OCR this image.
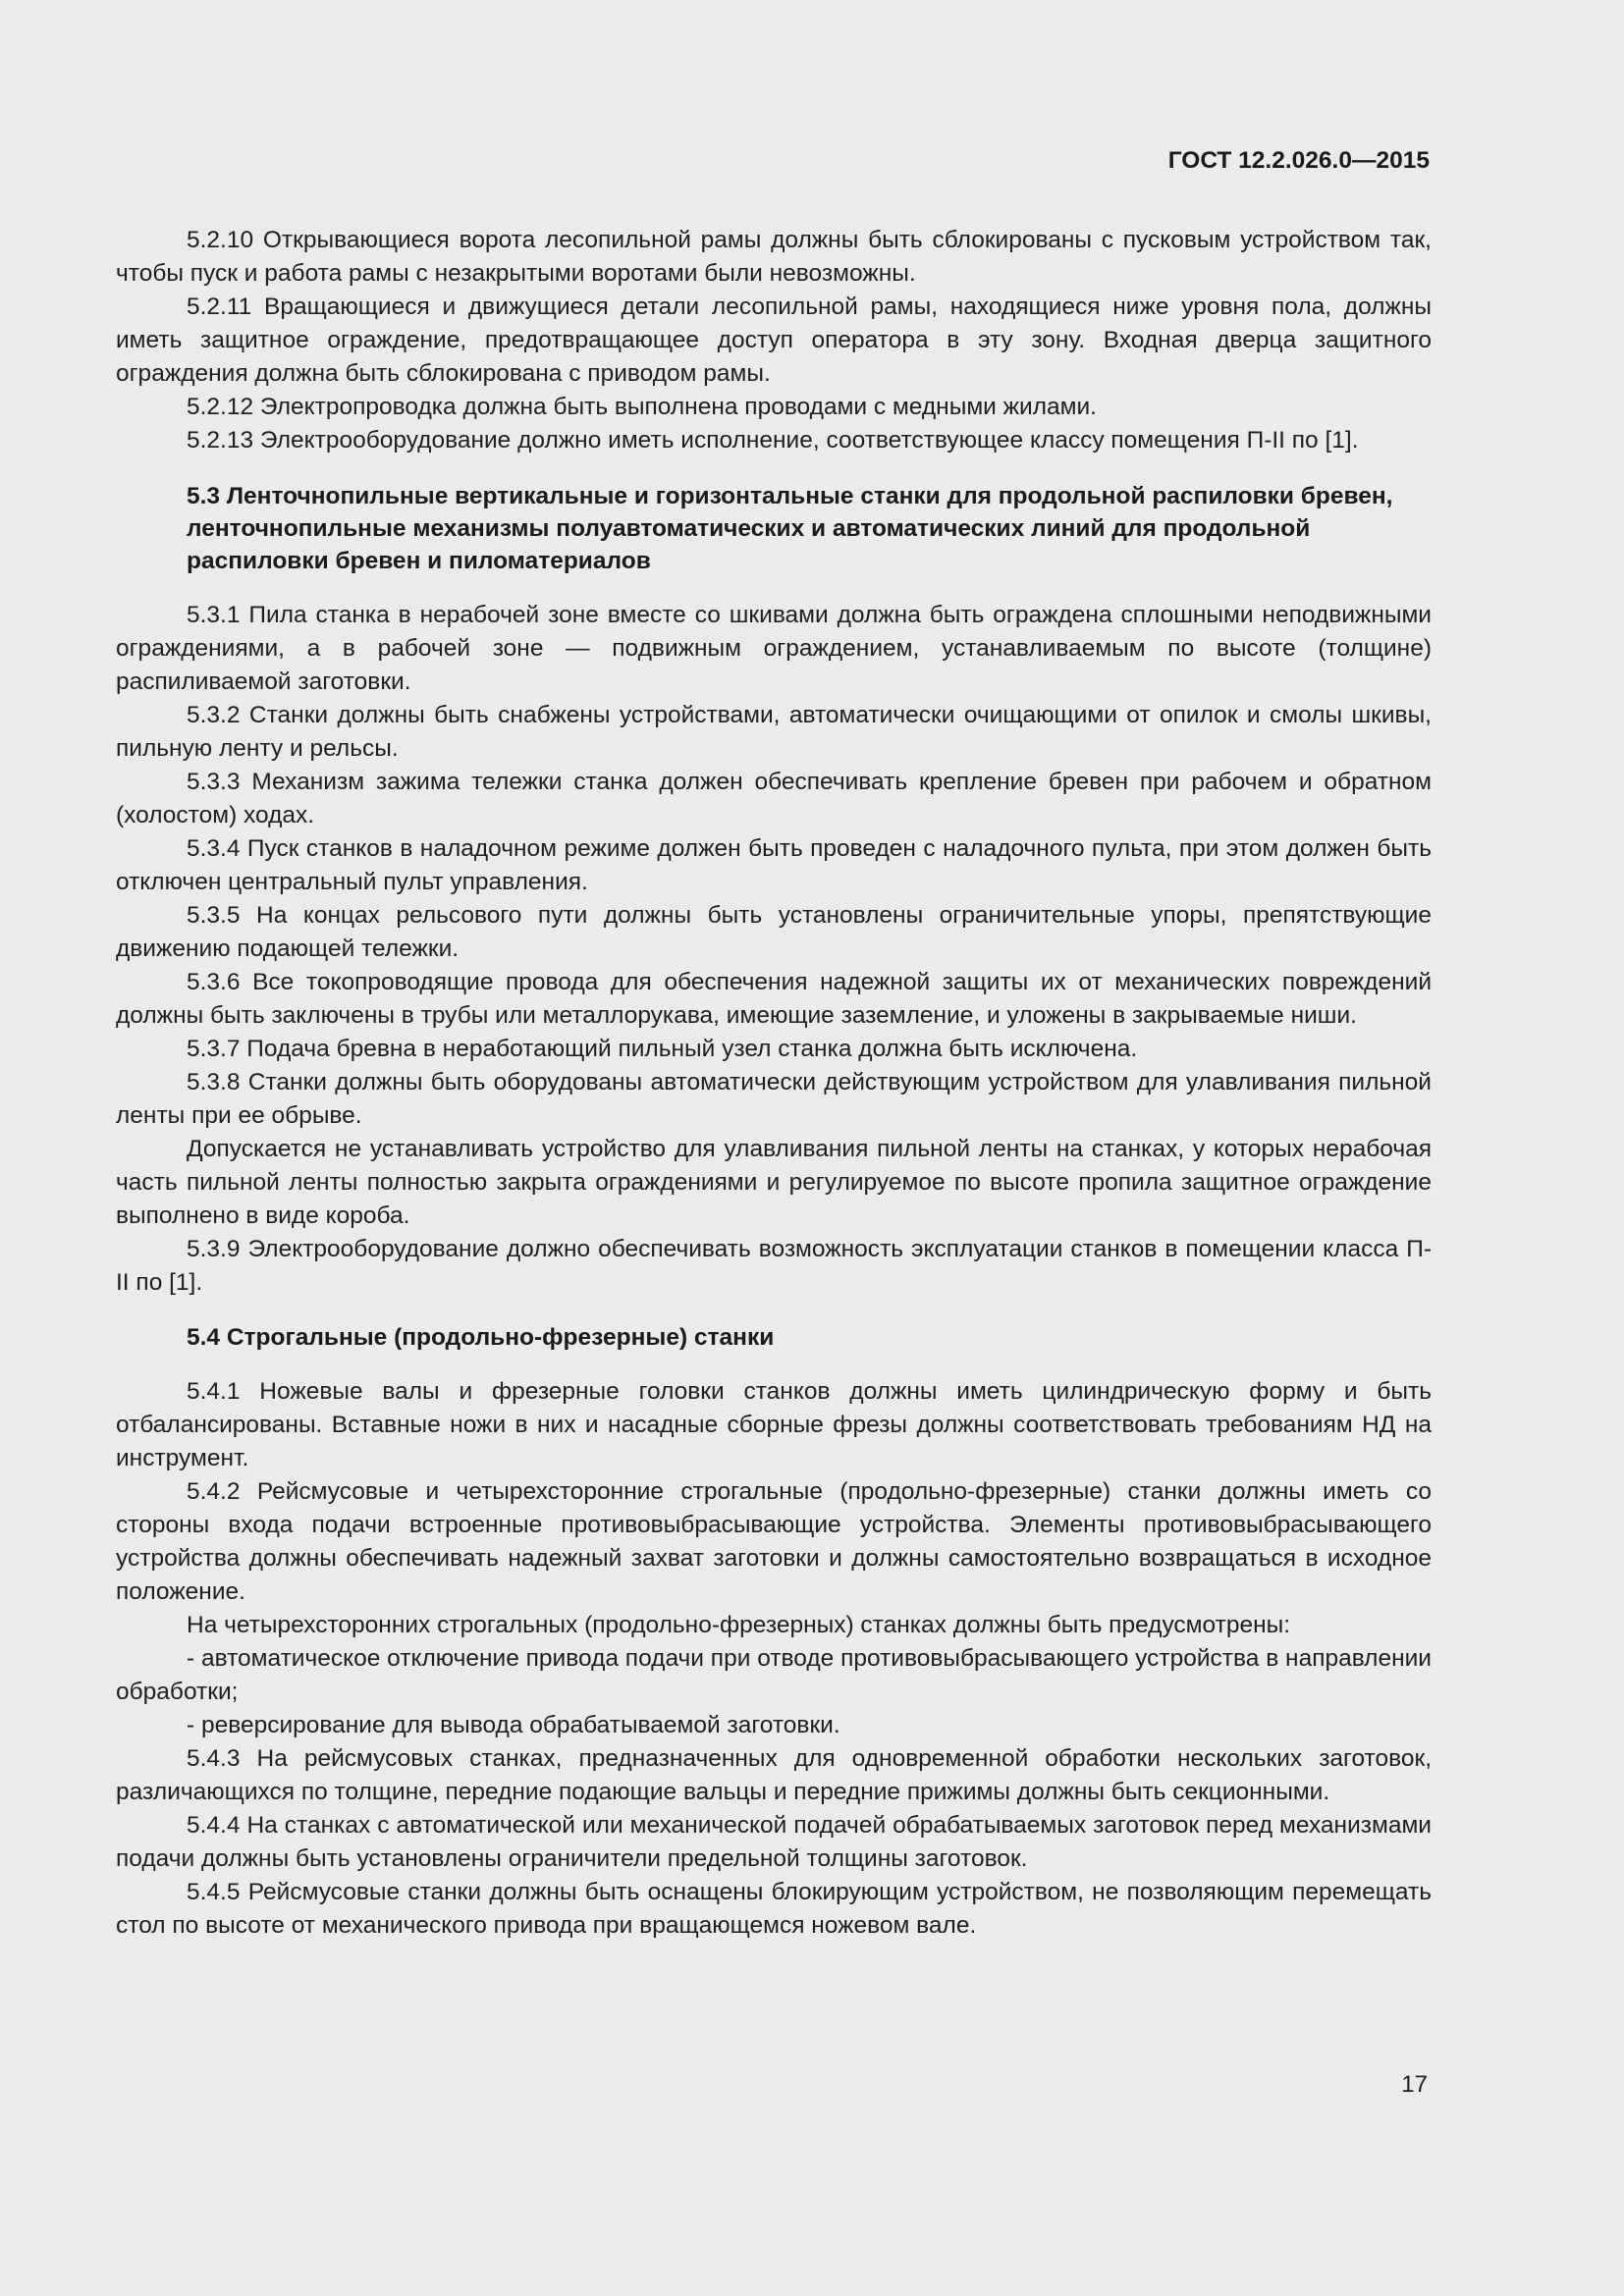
ГОСТ 12.2.026.0—2015

5.2.10 Открывающиеся ворота лесопильной рамы должны быть сблокированы с пусковым устройством так, чтобы пуск и работа рамы с незакрытыми воротами были невозможны.

5.2.11 Вращающиеся и движущиеся детали лесопильной рамы, находящиеся ниже уровня пола, должны иметь защитное ограждение, предотвращающее доступ оператора в эту зону. Входная дверца защитного ограждения должна быть сблокирована с приводом рамы.

5.2.12 Электропроводка должна быть выполнена проводами с медными жилами.

5.2.13 Электрооборудование должно иметь исполнение, соответствующее классу помещения П-II по [1].

5.3 Ленточнопильные вертикальные и горизонтальные станки для продольной распиловки бревен, ленточнопильные механизмы полуавтоматических и автоматических линий для продольной распиловки бревен и пиломатериалов

5.3.1 Пила станка в нерабочей зоне вместе со шкивами должна быть ограждена сплошными неподвижными ограждениями, а в рабочей зоне — подвижным ограждением, устанавливаемым по высоте (толщине) распиливаемой заготовки.

5.3.2 Станки должны быть снабжены устройствами, автоматически очищающими от опилок и смолы шкивы, пильную ленту и рельсы.

5.3.3 Механизм зажима тележки станка должен обеспечивать крепление бревен при рабочем и обратном (холостом) ходах.

5.3.4 Пуск станков в наладочном режиме должен быть проведен с наладочного пульта, при этом должен быть отключен центральный пульт управления.

5.3.5 На концах рельсового пути должны быть установлены ограничительные упоры, препятствующие движению подающей тележки.

5.3.6 Все токопроводящие провода для обеспечения надежной защиты их от механических повреждений должны быть заключены в трубы или металлорукава, имеющие заземление, и уложены в закрываемые ниши.

5.3.7 Подача бревна в неработающий пильный узел станка должна быть исключена.

5.3.8 Станки должны быть оборудованы автоматически действующим устройством для улавливания пильной ленты при ее обрыве.

Допускается не устанавливать устройство для улавливания пильной ленты на станках, у которых нерабочая часть пильной ленты полностью закрыта ограждениями и регулируемое по высоте пропила защитное ограждение выполнено в виде короба.

5.3.9 Электрооборудование должно обеспечивать возможность эксплуатации станков в помещении класса П-II по [1].

5.4 Строгальные (продольно-фрезерные) станки

5.4.1 Ножевые валы и фрезерные головки станков должны иметь цилиндрическую форму и быть отбалансированы. Вставные ножи в них и насадные сборные фрезы должны соответствовать требованиям НД на инструмент.

5.4.2 Рейсмусовые и четырехсторонние строгальные (продольно-фрезерные) станки должны иметь со стороны входа подачи встроенные противовыбрасывающие устройства. Элементы противовыбрасывающего устройства должны обеспечивать надежный захват заготовки и должны самостоятельно возвращаться в исходное положение.

На четырехсторонних строгальных (продольно-фрезерных) станках должны быть предусмотрены:

- автоматическое отключение привода подачи при отводе противовыбрасывающего устройства в направлении обработки;

- реверсирование для вывода обрабатываемой заготовки.

5.4.3 На рейсмусовых станках, предназначенных для одновременной обработки нескольких заготовок, различающихся по толщине, передние подающие вальцы и передние прижимы должны быть секционными.

5.4.4 На станках с автоматической или механической подачей обрабатываемых заготовок перед механизмами подачи должны быть установлены ограничители предельной толщины заготовок.

5.4.5 Рейсмусовые станки должны быть оснащены блокирующим устройством, не позволяющим перемещать стол по высоте от механического привода при вращающемся ножевом вале.

17
